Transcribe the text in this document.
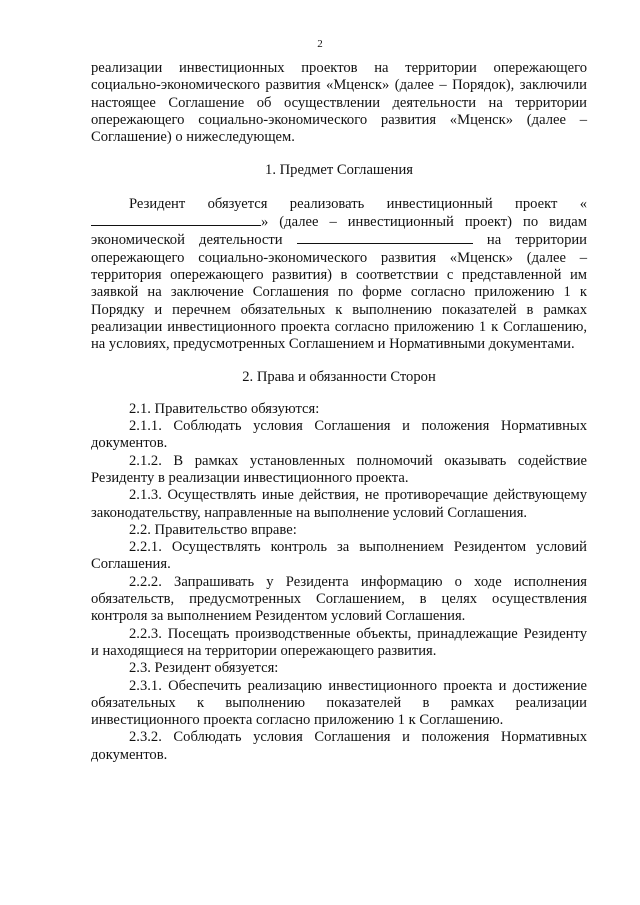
2

реализации инвестиционных проектов на территории опережающего социально-экономического развития «Мценск» (далее – Порядок), заключили настоящее Соглашение об осуществлении деятельности на территории опережающего социально-экономического развития «Мценск» (далее – Соглашение) о нижеследующем.

1. Предмет Соглашения

Резидент обязуется реализовать инвестиционный проект «» (далее – инвестиционный проект) по видам экономической деятельности	на территории опережающего социально-экономического развития «Мценск» (далее – территория опережающего развития) в соответствии с представленной им заявкой на заключение Соглашения по форме согласно приложению 1 к Порядку и перечнем обязательных к выполнению показателей в рамках реализации инвестиционного проекта согласно приложению 1 к Соглашению, на условиях, предусмотренных Соглашением и Нормативными документами.

2. Права и обязанности Сторон

2.1. Правительство обязуются:

2.1.1. Соблюдать условия Соглашения и положения Нормативных документов.

2.1.2. В рамках установленных полномочий оказывать содействие Резиденту в реализации инвестиционного проекта.

2.1.3. Осуществлять иные действия, не противоречащие действующему законодательству, направленные на выполнение условий Соглашения.

2.2. Правительство вправе:

2.2.1. Осуществлять контроль за выполнением Резидентом условий Соглашения.

2.2.2. Запрашивать у Резидента информацию о ходе исполнения обязательств, предусмотренных Соглашением, в целях осуществления контроля за выполнением Резидентом условий Соглашения.

2.2.3. Посещать производственные объекты, принадлежащие Резиденту и находящиеся на территории опережающего развития.

2.3. Резидент обязуется:

2.3.1. Обеспечить реализацию инвестиционного проекта и достижение обязательных к выполнению показателей в рамках реализации инвестиционного проекта согласно приложению 1 к Соглашению.

2.3.2. Соблюдать условия Соглашения и положения Нормативных документов.
